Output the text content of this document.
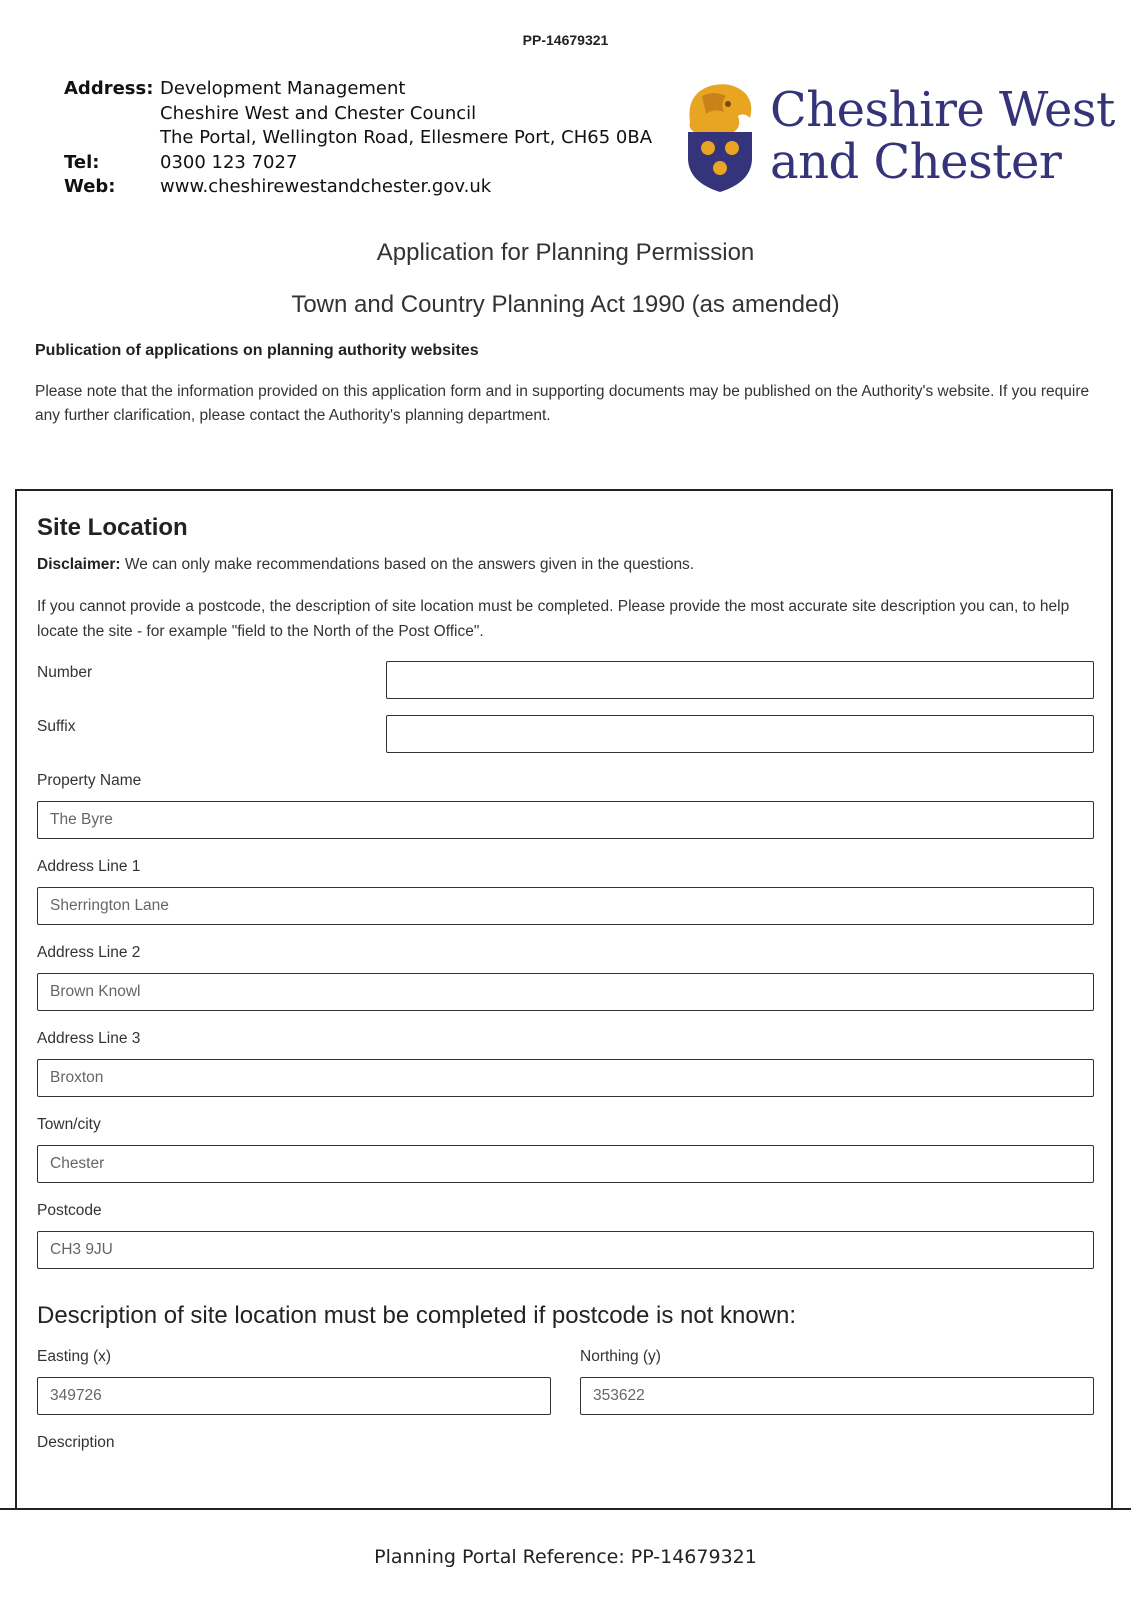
PP-14679321
Address: Development Management
Cheshire West and Chester Council
The Portal, Wellington Road, Ellesmere Port, CH65 0BA
Tel:	0300 123 7027
Web:	www.cheshirewestandchester.gov.uk
Cheshire West
and Chester
Application for Planning Permission
Town and Country Planning Act 1990 (as amended)
Publication of applications on planning authority websites
Please note that the information provided on this application form and in supporting documents may be published on the Authority's website. If you require any further clarification, please contact the Authority's planning department.
Site Location
Disclaimer: We can only make recommendations based on the answers given in the questions.
If you cannot provide a postcode, the description of site location must be completed. Please provide the most accurate site description you can, to help locate the site - for example "field to the North of the Post Office".
Number
Suffix
Property Name
The Byre
Address Line 1
Sherrington Lane
Address Line 2
Brown Knowl
Address Line 3
Broxton
Town/city
Chester
Postcode
CH3 9JU
Description of site location must be completed if postcode is not known:
Easting (x)
349726
Northing (y)
353622
Description
Planning Portal Reference: PP-14679321
